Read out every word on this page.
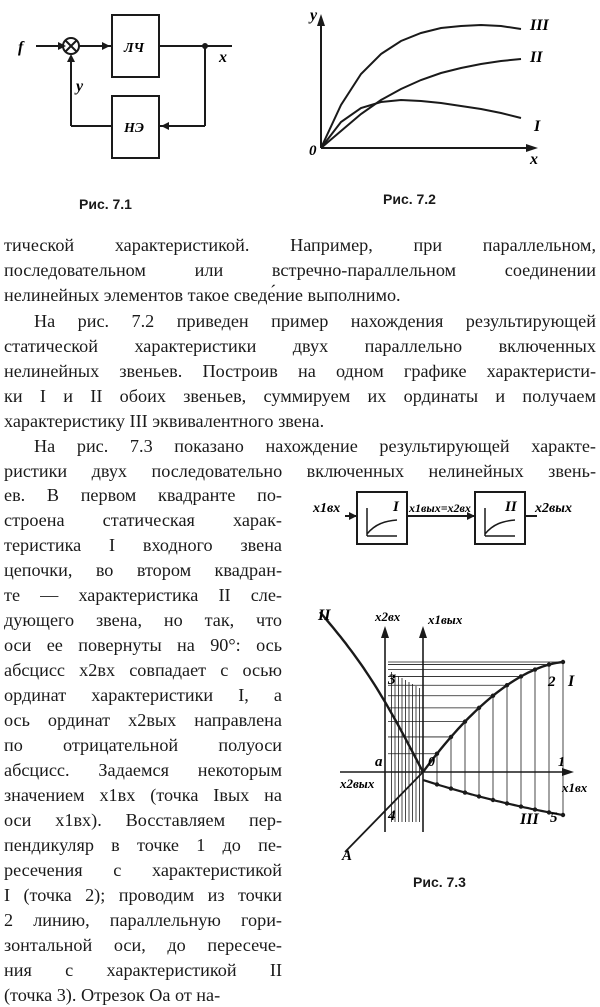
f
x
y
ЛЧ
НЭ
Рис. 7.1
y
x
0
III
II
I
Рис. 7.2
тической характеристикой. Например, при параллельном,
последовательном или встречно-параллельном соединении
нелинейных элементов такое сведе́ние выполнимо.
На рис. 7.2 приведен пример нахождения результирующей
статической характеристики двух параллельно включенных
нелинейных звеньев. Построив на одном графике характеристи-
ки I и II обоих звеньев, суммируем их ординаты и получаем
характеристику III эквивалентного звена.
На рис. 7.3 показано нахождение результирующей характе-
ристики двух последовательно включенных нелинейных звень-
ев. В первом квадранте по-
строена статическая харак-
теристика I входного звена
цепочки, во втором квадран-
те — характеристика II сле-
дующего звена, но так, что
оси ее повернуты на 90°: ось
абсцисс x2вх совпадает с осью
ординат характеристики I, а
ось ординат x2вых направлена
по отрицательной полуоси
абсцисс. Задаемся некоторым
значением x1вх (точка Iвых на
оси x1вх). Восставляем пер-
пендикуляр в точке 1 до пе-
ресечения с характеристикой
I (точка 2); проводим из точки
2 линию, параллельную гори-
зонтальной оси, до пересече-
ния с характеристикой II
(точка 3). Отрезок Oa от на-
x1вх	x1вых=x2вх	x2вых
I	II
x2вх x1вых
x2вых	x1вх
a	0	1
2
3
4	5
A
I
II
III
Рис. 7.3
